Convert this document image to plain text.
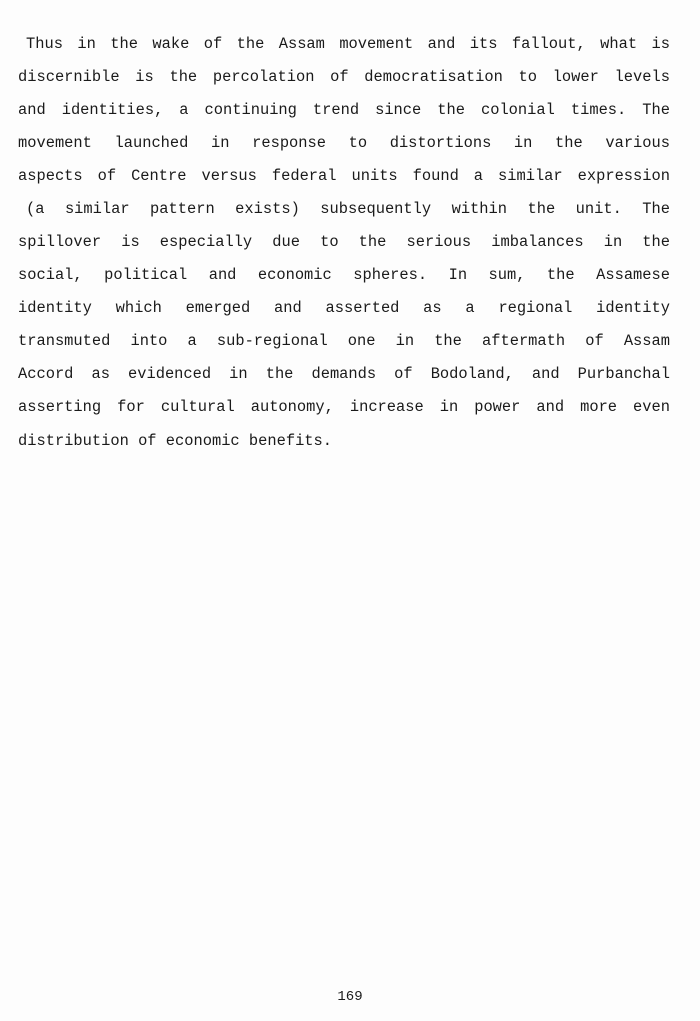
Thus in the wake of the Assam movement and its fallout, what is
discernible is the percolation of democratisation to lower levels
and identities, a continuing trend since the colonial times. The
movement launched in response to distortions in the various
aspects of Centre versus federal units found a similar expression
(a similar pattern exists) subsequently within the unit. The
spillover is especially due to the serious imbalances in the
social, political and economic spheres. In sum, the Assamese
identity which emerged and asserted as a regional identity
transmuted into a sub-regional one in the aftermath of Assam
Accord as evidenced in the demands of Bodoland, and Purbanchal
asserting for cultural autonomy, increase in power and more even
distribution of economic benefits.
169
